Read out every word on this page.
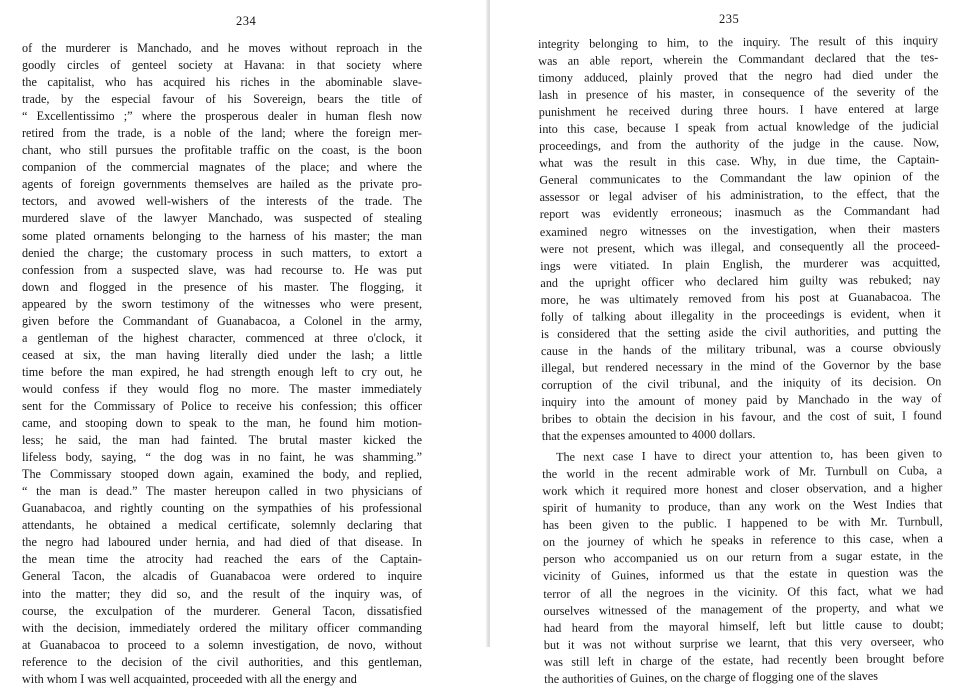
234
of the murderer is Manchado, and he moves without reproach in the
goodly circles of genteel society at Havana: in that society where
the capitalist, who has acquired his riches in the abominable slave-
trade, by the especial favour of his Sovereign, bears the title of
“ Excellentissimo ;” where the prosperous dealer in human flesh now
retired from the trade, is a noble of the land; where the foreign mer-
chant, who still pursues the profitable traffic on the coast, is the boon
companion of the commercial magnates of the place; and where the
agents of foreign governments themselves are hailed as the private pro-
tectors, and avowed well-wishers of the interests of the trade. The
murdered slave of the lawyer Manchado, was suspected of stealing
some plated ornaments belonging to the harness of his master; the man
denied the charge; the customary process in such matters, to extort a
confession from a suspected slave, was had recourse to. He was put
down and flogged in the presence of his master. The flogging, it
appeared by the sworn testimony of the witnesses who were present,
given before the Commandant of Guanabacoa, a Colonel in the army,
a gentleman of the highest character, commenced at three o'clock, it
ceased at six, the man having literally died under the lash; a little
time before the man expired, he had strength enough left to cry out, he
would confess if they would flog no more. The master immediately
sent for the Commissary of Police to receive his confession; this officer
came, and stooping down to speak to the man, he found him motion-
less; he said, the man had fainted. The brutal master kicked the
lifeless body, saying, “ the dog was in no faint, he was shamming.”
The Commissary stooped down again, examined the body, and replied,
“ the man is dead.” The master hereupon called in two physicians of
Guanabacoa, and rightly counting on the sympathies of his professional
attendants, he obtained a medical certificate, solemnly declaring that
the negro had laboured under hernia, and had died of that disease. In
the mean time the atrocity had reached the ears of the Captain-
General Tacon, the alcadis of Guanabacoa were ordered to inquire
into the matter; they did so, and the result of the inquiry was, of
course, the exculpation of the murderer. General Tacon, dissatisfied
with the decision, immediately ordered the military officer commanding
at Guanabacoa to proceed to a solemn investigation, de novo, without
reference to the decision of the civil authorities, and this gentleman,
with whom I was well acquainted, proceeded with all the energy and
235
integrity belonging to him, to the inquiry. The result of this inquiry
was an able report, wherein the Commandant declared that the tes-
timony adduced, plainly proved that the negro had died under the
lash in presence of his master, in consequence of the severity of the
punishment he received during three hours. I have entered at large
into this case, because I speak from actual knowledge of the judicial
proceedings, and from the authority of the judge in the cause. Now,
what was the result in this case. Why, in due time, the Captain-
General communicates to the Commandant the law opinion of the
assessor or legal adviser of his administration, to the effect, that the
report was evidently erroneous; inasmuch as the Commandant had
examined negro witnesses on the investigation, when their masters
were not present, which was illegal, and consequently all the proceed-
ings were vitiated. In plain English, the murderer was acquitted,
and the upright officer who declared him guilty was rebuked; nay
more, he was ultimately removed from his post at Guanabacoa. The
folly of talking about illegality in the proceedings is evident, when it
is considered that the setting aside the civil authorities, and putting the
cause in the hands of the military tribunal, was a course obviously
illegal, but rendered necessary in the mind of the Governor by the base
corruption of the civil tribunal, and the iniquity of its decision. On
inquiry into the amount of money paid by Manchado in the way of
bribes to obtain the decision in his favour, and the cost of suit, I found
that the expenses amounted to 4000 dollars.
The next case I have to direct your attention to, has been given to
the world in the recent admirable work of Mr. Turnbull on Cuba, a
work which it required more honest and closer observation, and a higher
spirit of humanity to produce, than any work on the West Indies that
has been given to the public. I happened to be with Mr. Turnbull,
on the journey of which he speaks in reference to this case, when a
person who accompanied us on our return from a sugar estate, in the
vicinity of Guines, informed us that the estate in question was the
terror of all the negroes in the vicinity. Of this fact, what we had
ourselves witnessed of the management of the property, and what we
had heard from the mayoral himself, left but little cause to doubt;
but it was not without surprise we learnt, that this very overseer, who
was still left in charge of the estate, had recently been brought before
the authorities of Guines, on the charge of flogging one of the slaves
